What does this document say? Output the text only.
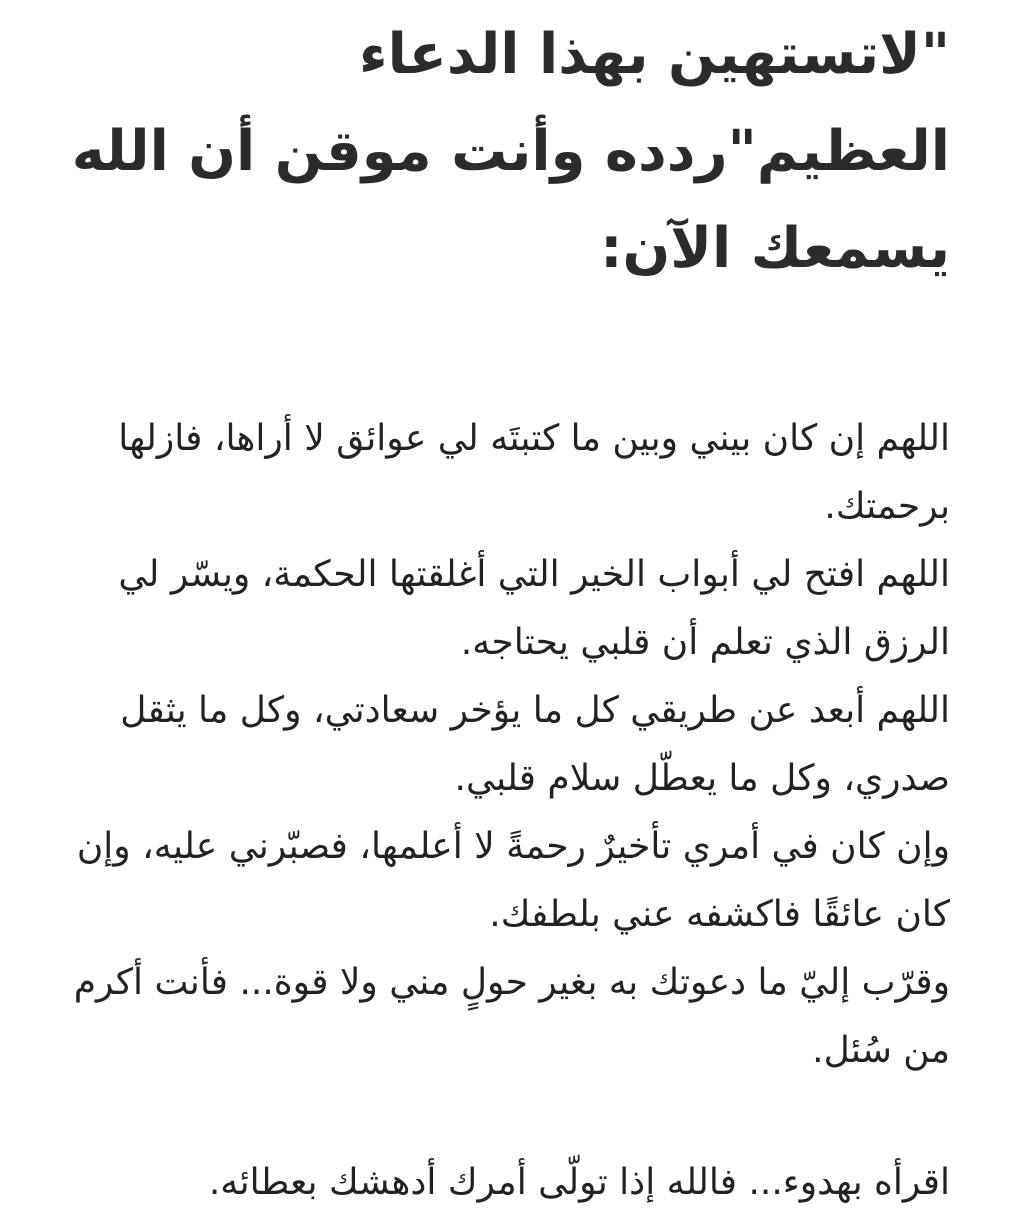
"لاتستهين بهذا الدعاء
العظيم"ردده وأنت موقن أن الله
يسمعك الآن:
اللهم إن كان بيني وبين ما كتبتَه لي عوائق لا أراها، فازلها
برحمتك.
اللهم افتح لي أبواب الخير التي أغلقتها الحكمة، ويسّر لي
الرزق الذي تعلم أن قلبي يحتاجه.
اللهم أبعد عن طريقي كل ما يؤخر سعادتي، وكل ما يثقل
صدري، وكل ما يعطّل سلام قلبي.
وإن كان في أمري تأخيرٌ رحمةً لا أعلمها، فصبّرني عليه، وإن
كان عائقًا فاكشفه عني بلطفك.
وقرّب إليّ ما دعوتك به بغير حولٍ مني ولا قوة... فأنت أكرم
من سُئل.
اقرأه بهدوء... فالله إذا تولّى أمرك أدهشك بعطائه.
